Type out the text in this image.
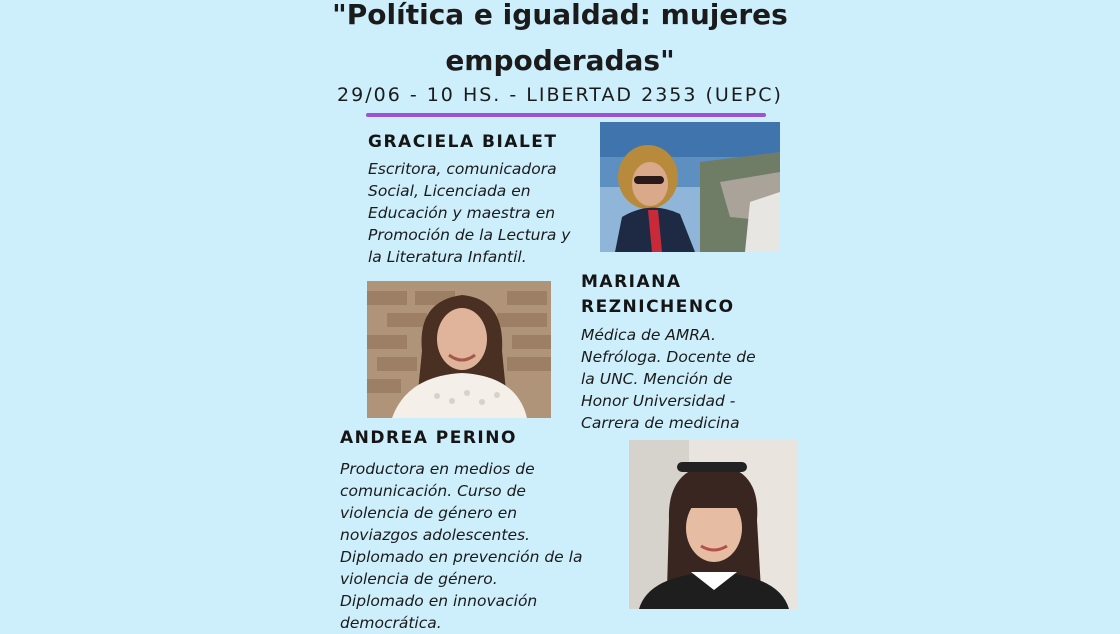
"Política e igualdad: mujeres
empoderadas"
29/06 - 10 HS. - LIBERTAD 2353 (UEPC)
GRACIELA BIALET
Escritora, comunicadora
Social, Licenciada en
Educación y maestra en
Promoción de la Lectura y
la Literatura Infantil.
MARIANA
REZNICHENCO
Médica de AMRA.
Nefróloga. Docente de
la UNC. Mención de
Honor Universidad -
Carrera de medicina
ANDREA PERINO
Productora en medios de
comunicación. Curso de
violencia de género en
noviazgos adolescentes.
Diplomado en prevención de la
violencia de género.
Diplomado en innovación
democrática.
